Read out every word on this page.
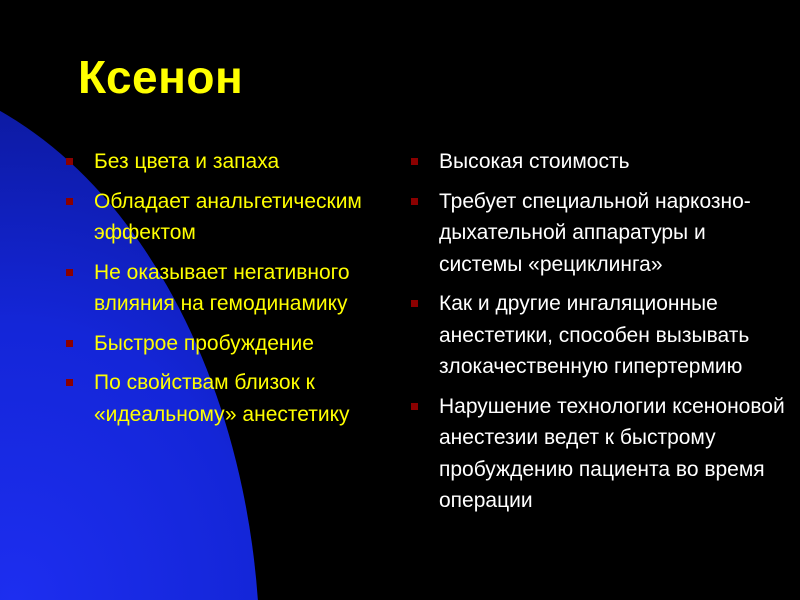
Ксенон
Без цвета и запаха
Обладает анальгетическим эффектом
Не оказывает негативного влияния на гемодинамику
Быстрое пробуждение
По свойствам близок к «идеальному» анестетику
Высокая стоимость
Требует специальной наркозно-дыхательной аппаратуры и системы «рециклинга»
Как и другие ингаляционные анестетики, способен вызывать злокачественную гипертермию
Нарушение технологии ксеноновой анестезии ведет к быстрому пробуждению пациента во время операции
